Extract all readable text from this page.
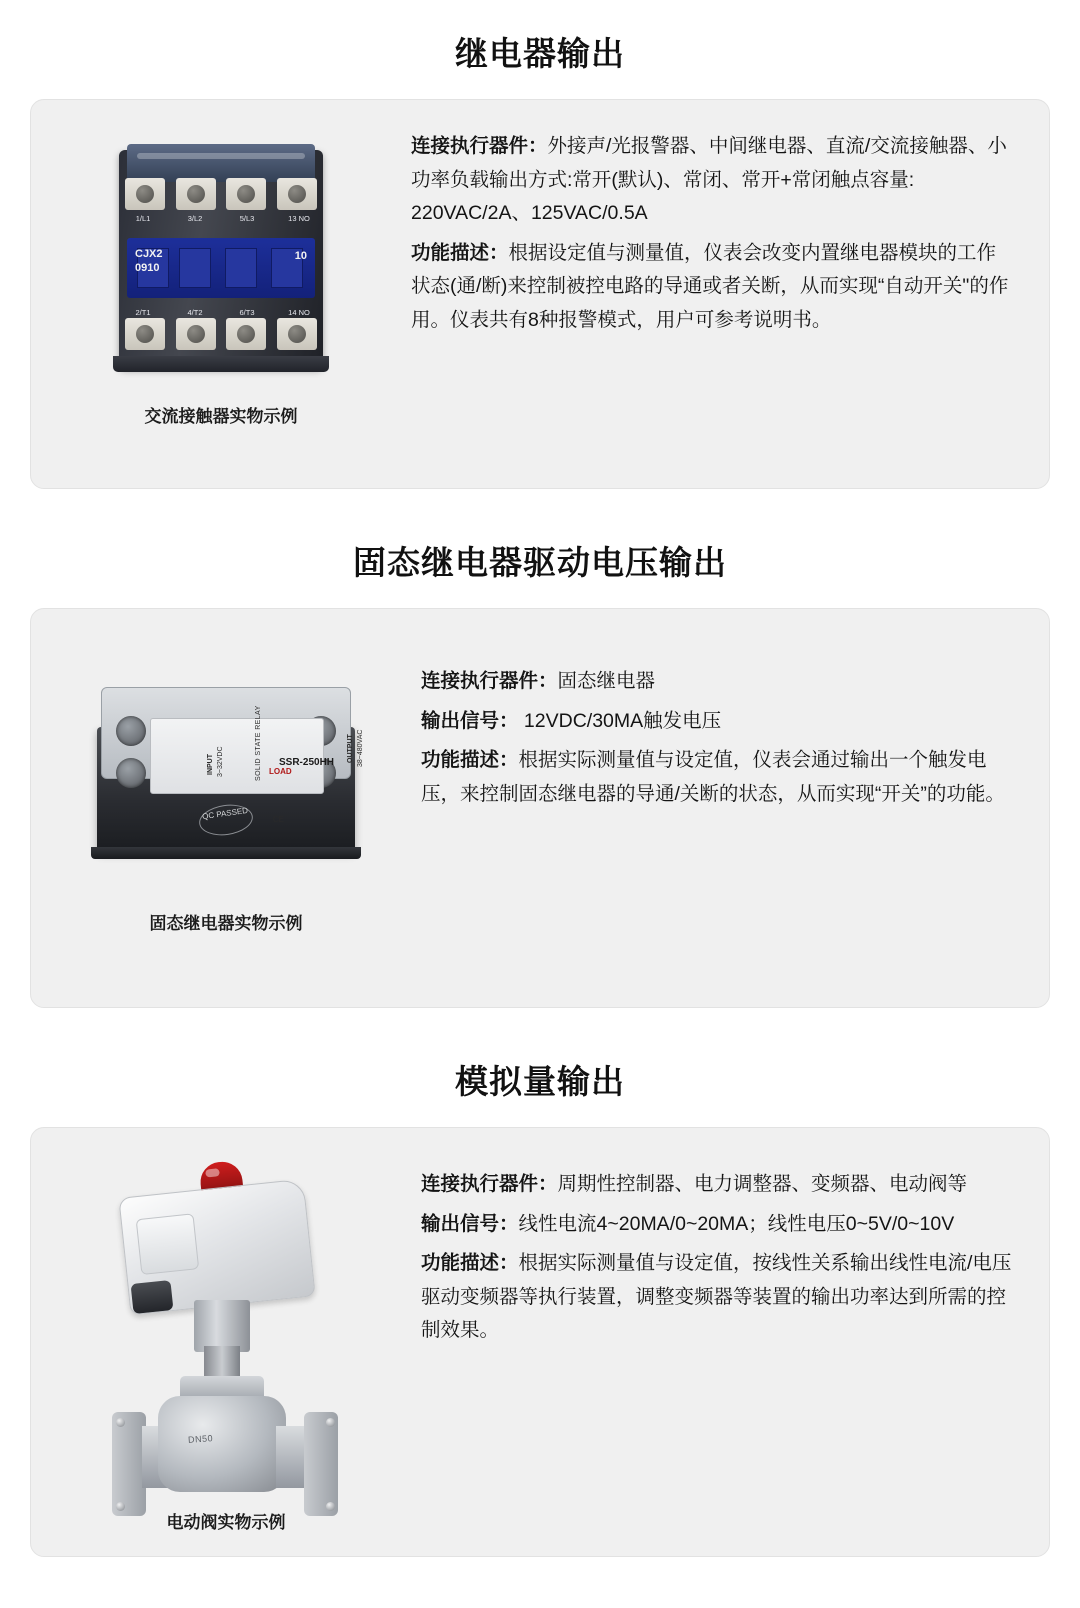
继电器输出
1/L1	3/L2	5/L3	13 NO
CJX2
0910
10
2/T1	4/T2	6/T3	14 NO
交流接触器实物示例

连接执行器件：外接声/光报警器、中间继电器、直流/交流接触器、小功率负载输出方式:常开(默认)、常闭、常开+常闭触点容量: 220VAC/2A、125VAC/0.5A

功能描述：根据设定值与测量值，仪表会改变内置继电器模块的工作状态(通/断)来控制被控电路的导通或者关断，从而实现“自动开关"的作用。仪表共有8种报警模式，用户可参考说明书。

固态继电器驱动电压输出
INPUT 3~32VDC	SOLID STATE RELAY LOAD
OUTPUT 38~480VAC
SSR-250HH
CE
QC PASSED
固态继电器实物示例

连接执行器件：固态继电器

输出信号： 12VDC/30MA触发电压

功能描述：根据实际测量值与设定值，仪表会通过输出一个触发电压，来控制固态继电器的导通/关断的状态，从而实现“开关”的功能。

模拟量输出
DN50
电动阀实物示例

连接执行器件：周期性控制器、电力调整器、变频器、电动阀等

输出信号：线性电流4~20MA/0~20MA；线性电压0~5V/0~10V

功能描述：根据实际测量值与设定值，按线性关系输出线性电流/电压驱动变频器等执行装置，调整变频器等装置的输出功率达到所需的控制效果。
